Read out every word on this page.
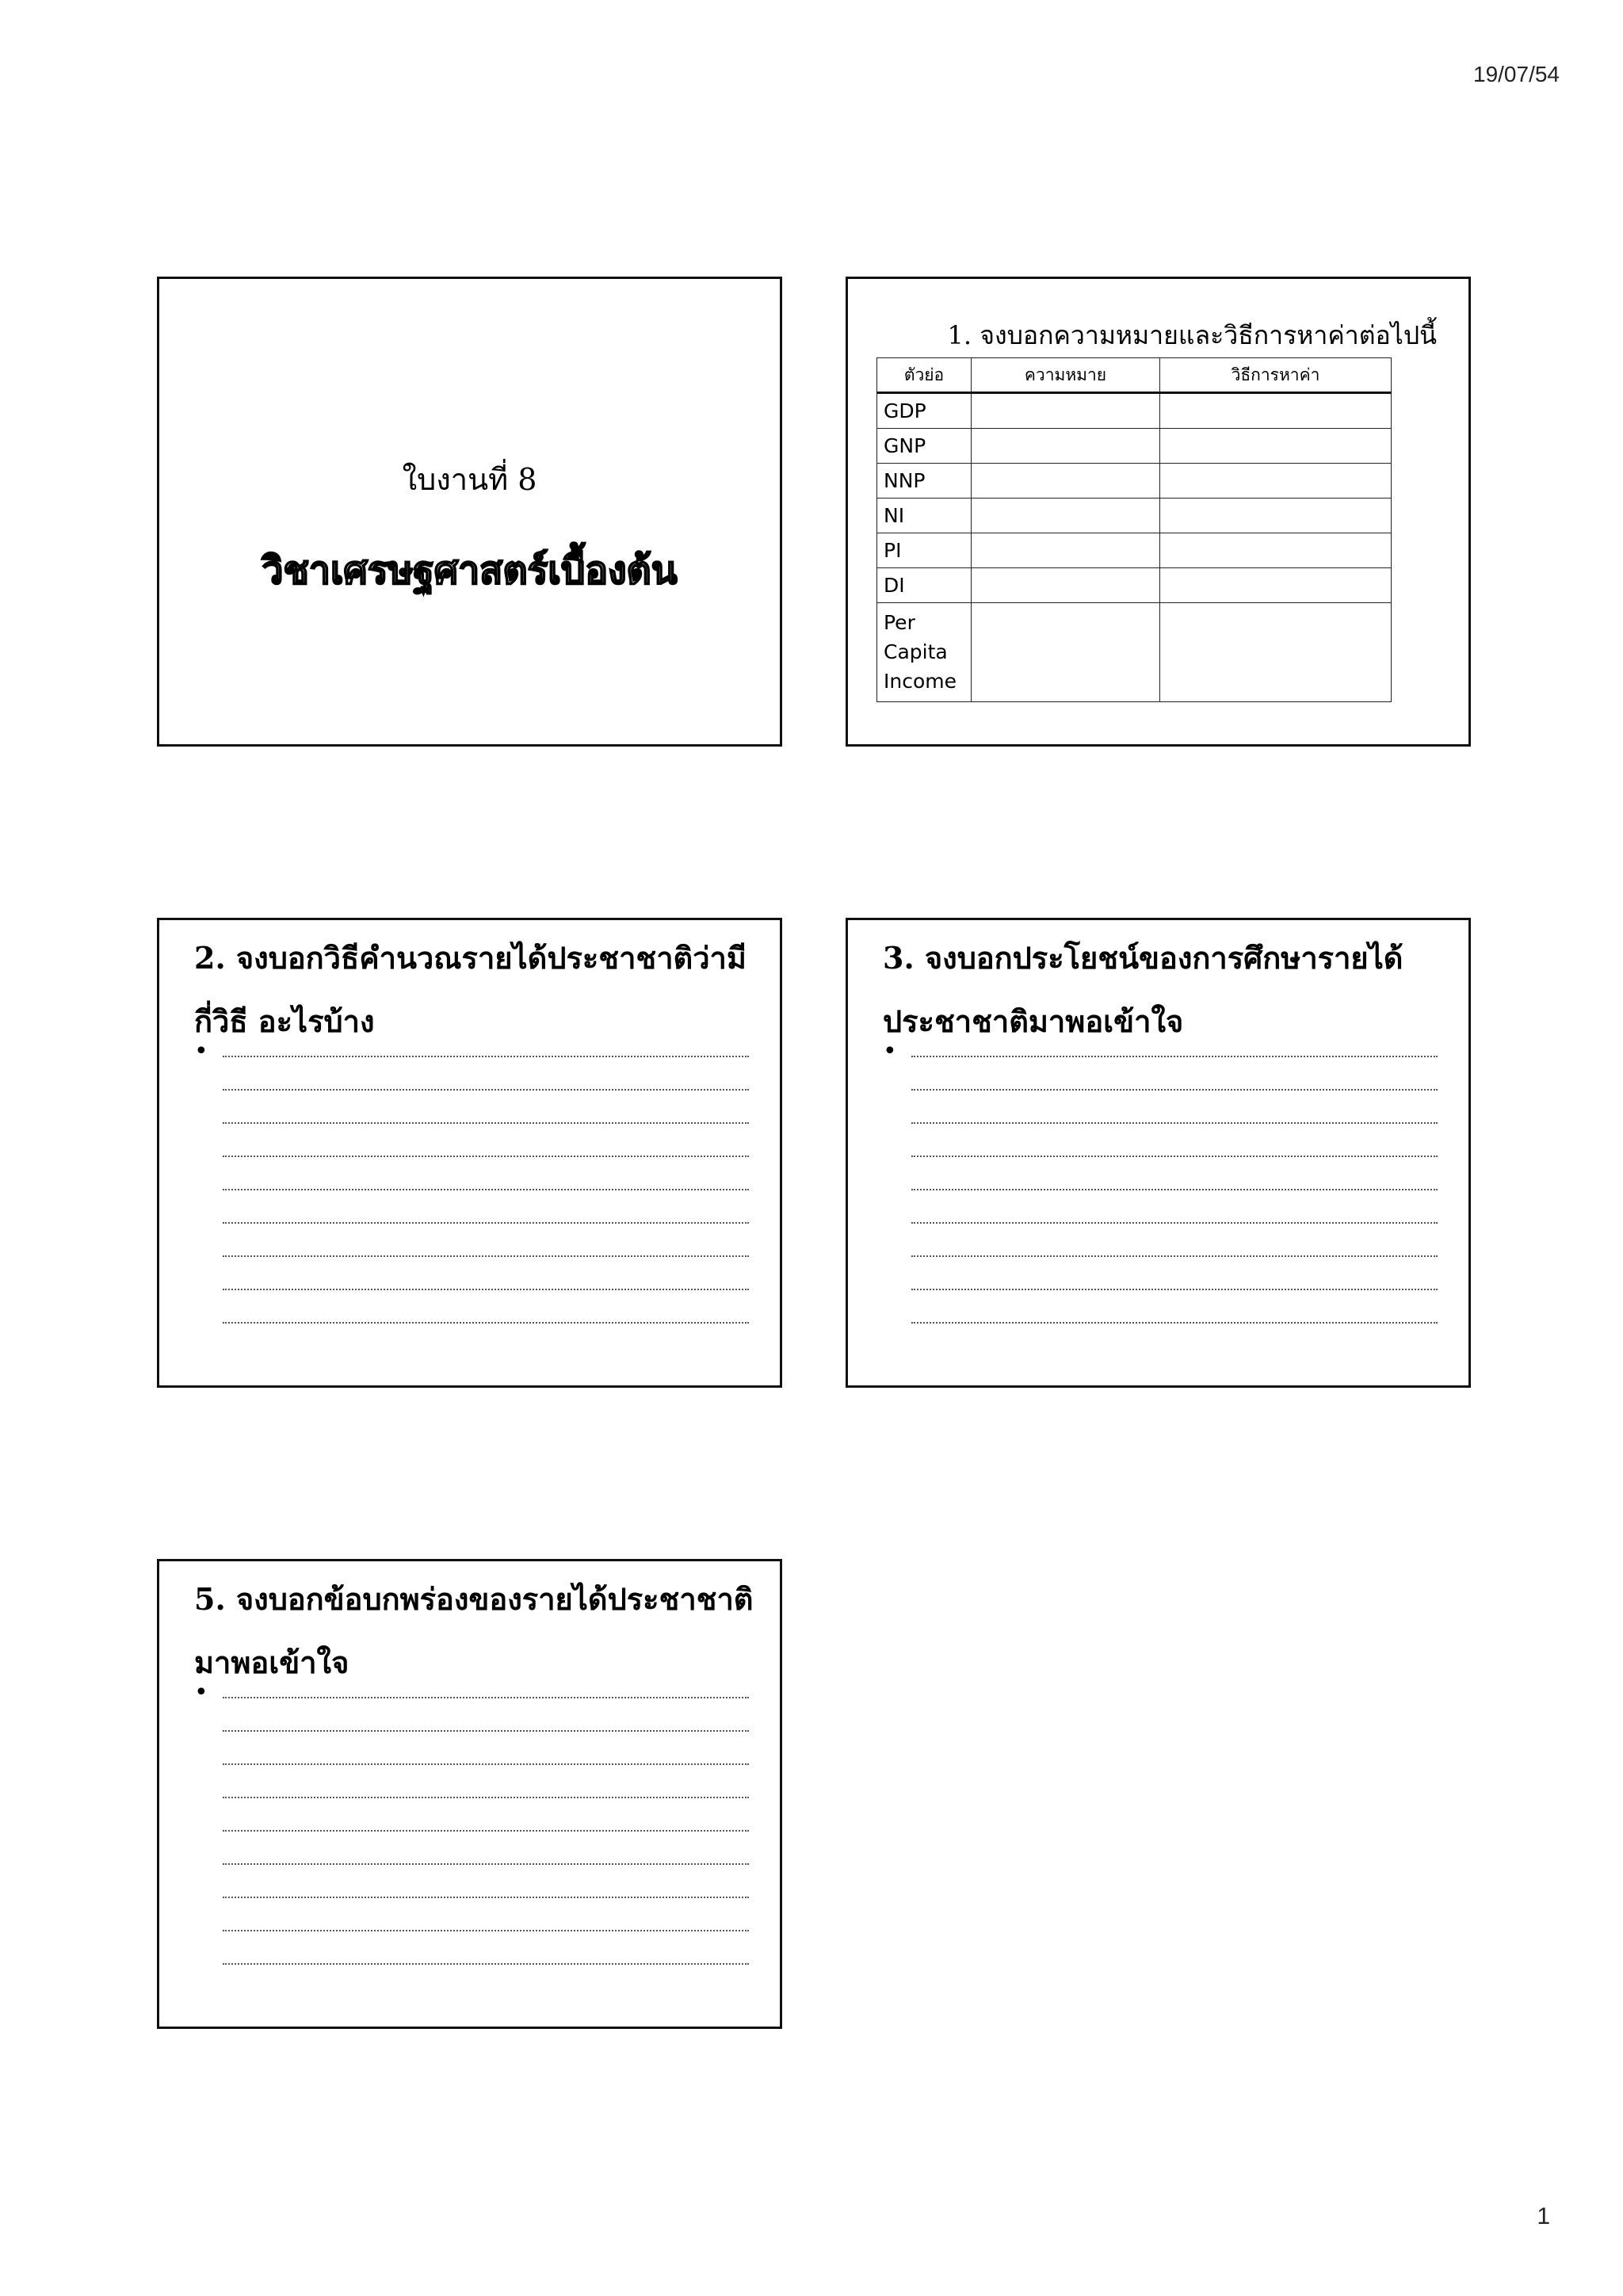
19/07/54
ใบงานที่ 8
วิชาเศรษฐศาสตร์เบื้องต้น
1. จงบอกความหมายและวิธีการหาค่าต่อไปนี้
ตัวย่อ	ความหมาย	วิธีการหาค่า
GDP		
GNP		
NNP		
NI		
PI		
DI		
Per Capita Income		
2. จงบอกวิธีคำนวณรายได้ประชาชาติว่ามีกี่วิธี อะไรบ้าง
•
3. จงบอกประโยชน์ของการศึกษารายได้ประชาชาติมาพอเข้าใจ
•
5. จงบอกข้อบกพร่องของรายได้ประชาชาติมาพอเข้าใจ
•
1
